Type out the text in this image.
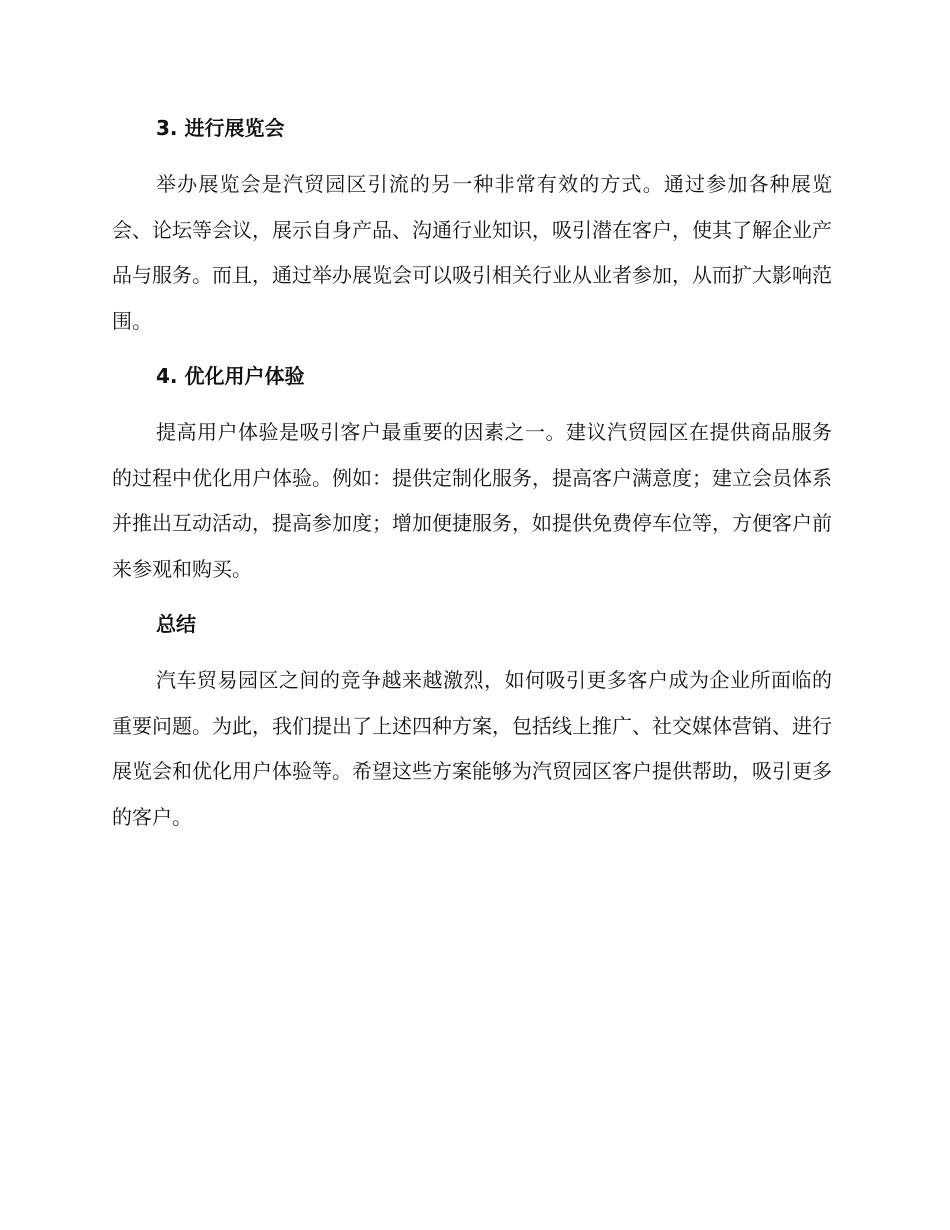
3. 进行展览会

举办展览会是汽贸园区引流的另一种非常有效的方式。通过参加各种展览会、论坛等会议，展示自身产品、沟通行业知识，吸引潜在客户，使其了解企业产品与服务。而且，通过举办展览会可以吸引相关行业从业者参加，从而扩大影响范围。

4. 优化用户体验

提高用户体验是吸引客户最重要的因素之一。建议汽贸园区在提供商品服务的过程中优化用户体验。例如：提供定制化服务，提高客户满意度；建立会员体系并推出互动活动，提高参加度；增加便捷服务，如提供免费停车位等，方便客户前来参观和购买。

总结

汽车贸易园区之间的竞争越来越激烈，如何吸引更多客户成为企业所面临的重要问题。为此，我们提出了上述四种方案，包括线上推广、社交媒体营销、进行展览会和优化用户体验等。希望这些方案能够为汽贸园区客户提供帮助，吸引更多的客户。
